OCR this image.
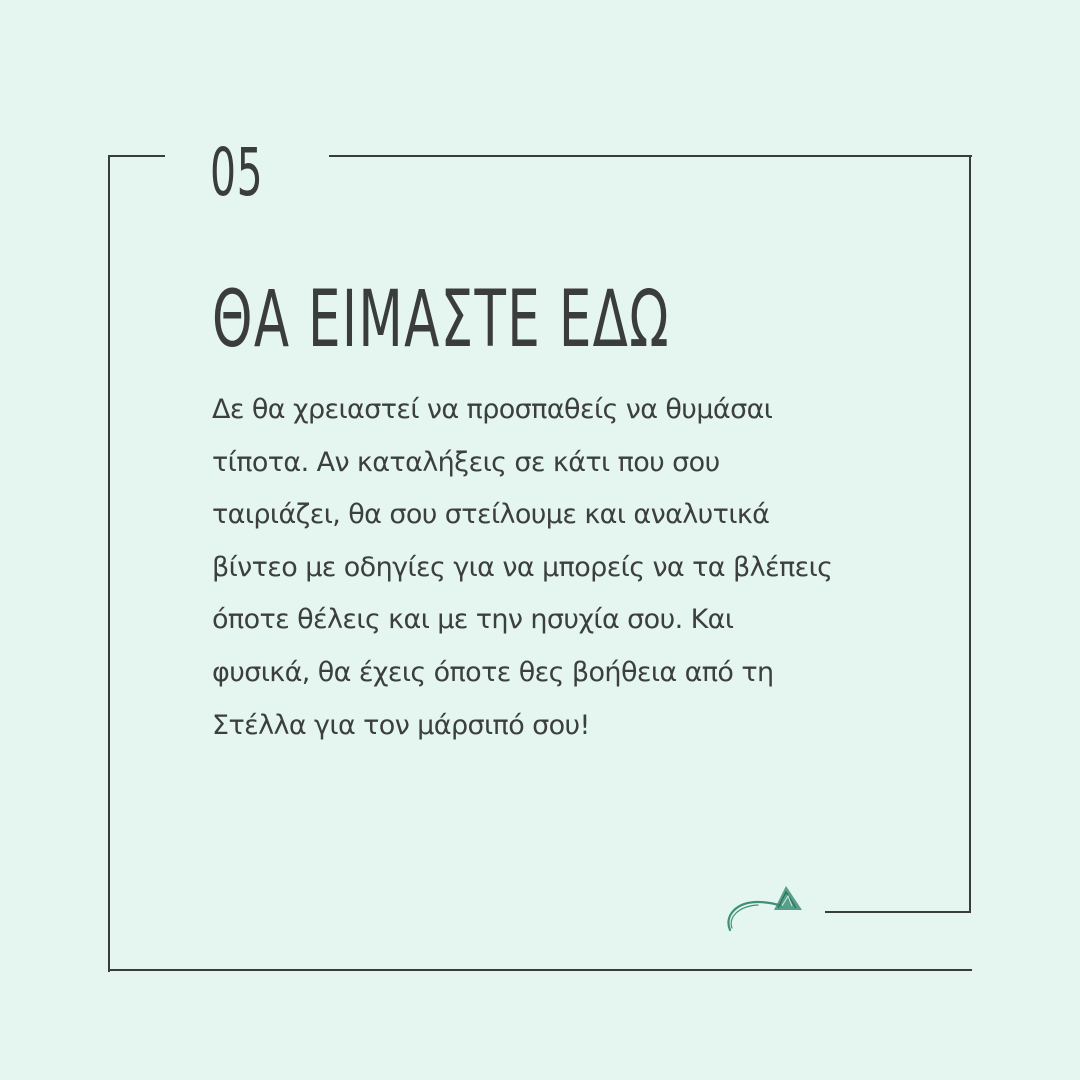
05
ΘΑ ΕΙΜΑΣΤΕ ΕΔΩ
Δε θα χρειαστεί να προσπαθείς να θυμάσαι
τίποτα. Αν καταλήξεις σε κάτι που σου
ταιριάζει, θα σου στείλουμε και αναλυτικά
βίντεο με οδηγίες για να μπορείς να τα βλέπεις
όποτε θέλεις και με την ησυχία σου. Και
φυσικά, θα έχεις όποτε θες βοήθεια από τη
Στέλλα για τον μάρσιπό σου!
